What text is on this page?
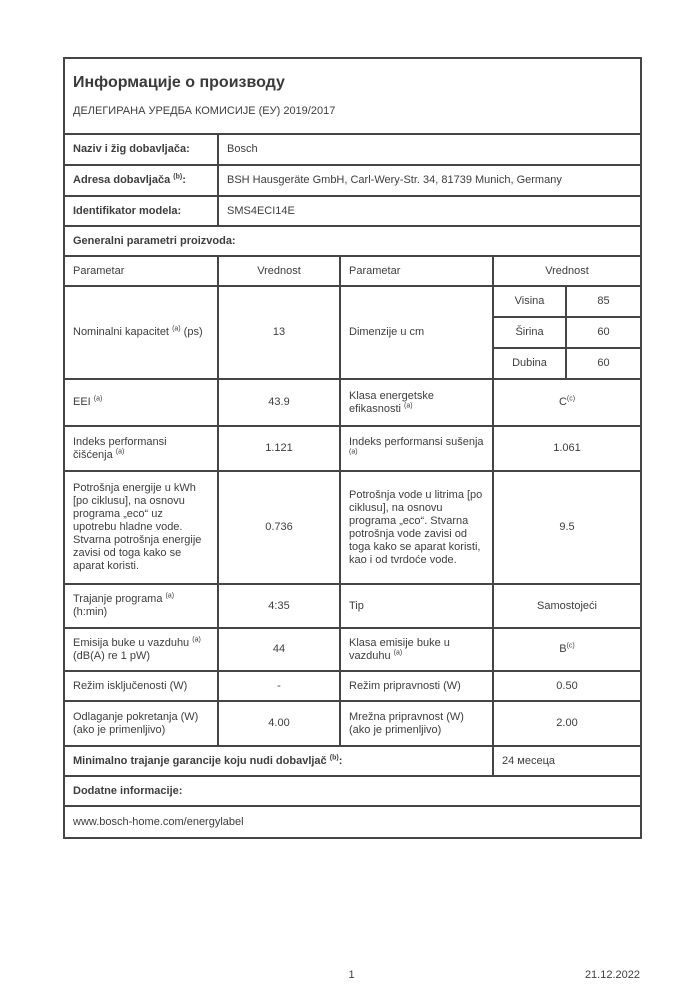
Информације о производу
ДЕЛЕГИРАНА УРЕДБА КОМИСИЈЕ (ЕУ) 2019/2017				

Naziv i žig dobavljača:	Bosch			
Adresa dobavljača $^{(b)}$:	BSH Hausgeräte GmbH, Carl-Wery-Str. 34, 81739 Munich, Germany			
Identifikator modela:	SMS4ECI14E			
Generalni parametri proizvoda:				
Parametar	Vrednost	Parametar	Vrednost	
Nominalni kapacitet $^{(a)}$ (ps)	13	Dimenzije u cm	Visina	85
			Širina	60
			Dubina	60
EEI $^{(a)}$	43.9	Klasa energetske efikasnosti $^{(a)}$	$C^{(c)}$
Indeks performansi čišćenja $^{(a)}$	1.121	Indeks performansi sušenja $^{(a)}$	1.061	
Potrošnja energije u kWh [po ciklusu], na osnovu programa „eco“ uz upotrebu hladne vode. Stvarna potrošnja energije zavisi od toga kako se aparat koristi.	0.736	Potrošnja vode u litrima [po ciklusu], na osnovu programa „eco“. Stvarna potrošnja vode zavisi od toga kako se aparat koristi, kao i od tvrdoće vode.	9.5	
Trajanje programa $^{(a)}$ (h:min)	4:35	Tip	Samostojeći	
Emisija buke u vazduhu $^{(a)}$ (dB(A) re 1 pW)	44	Klasa emisije buke u vazduhu $^{(a)}$	$B^{(c)}$
Režim isključenosti (W)	-	Režim pripravnosti (W)	0.50	
Odlaganje pokretanja (W) (ako je primenljivo)	4.00	Mrežna pripravnost (W) (ako je primenljivo)	2.00	
Minimalno trajanje garancije koju nudi dobavljač $^{(b)}$:			24 месеца	
Dodatne informacije:				
www.bosch-home.com/energylabel				
1	21.12.2022
